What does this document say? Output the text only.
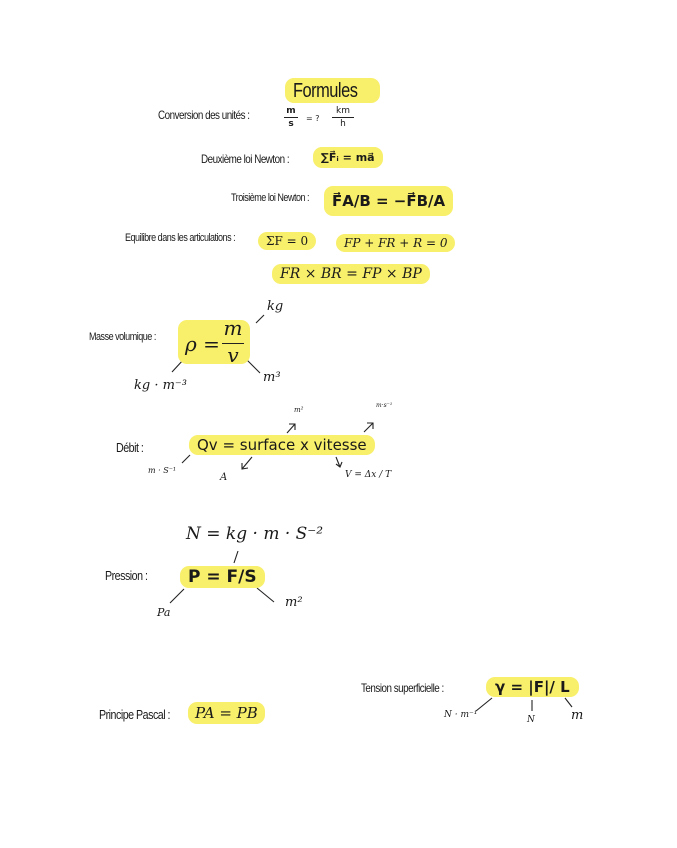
Formules
Conversion des unités :	m
s
= ?
km
h
Deuxième loi Newton :	∑F⃗ᵢ = ma⃗
Troisième loi Newton :	F⃗A/B = −F⃗B/A
Equilibre dans les articulations :	ΣF = 0	FP + FR + R = 0
FR × BR = FP × BP
Masse volumique : ρ =
m
v
kg
m³
kg · m⁻³
Débit :	Qv = surface x vitesse
m²
m·s⁻¹
m · S⁻¹
A	V = Δx / T
N = kg · m · S⁻²
Pression :	P = F/S
m²
Pa
Tension superficielle :	γ = |F|/ L
N · m⁻¹	N	m
Principe Pascal :	PA = PB
